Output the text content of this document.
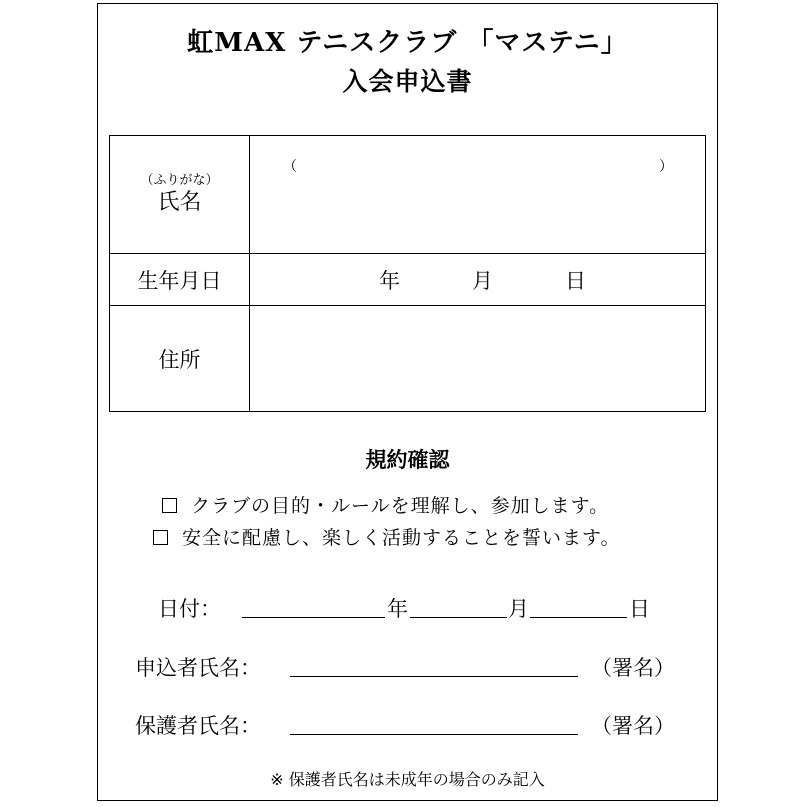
虹MAX テニスクラブ 「マステニ」
入会申込書
（ふりがな）
氏名	（ ）

生年月日	年 月 日

住所	
規約確認
クラブの目的・ルールを理解し、参加します。
安全に配慮し、楽しく活動することを誓います。
日付：	年	月	日
申込者氏名：	（署名）
保護者氏名：	（署名）
※ 保護者氏名は未成年の場合のみ記入
